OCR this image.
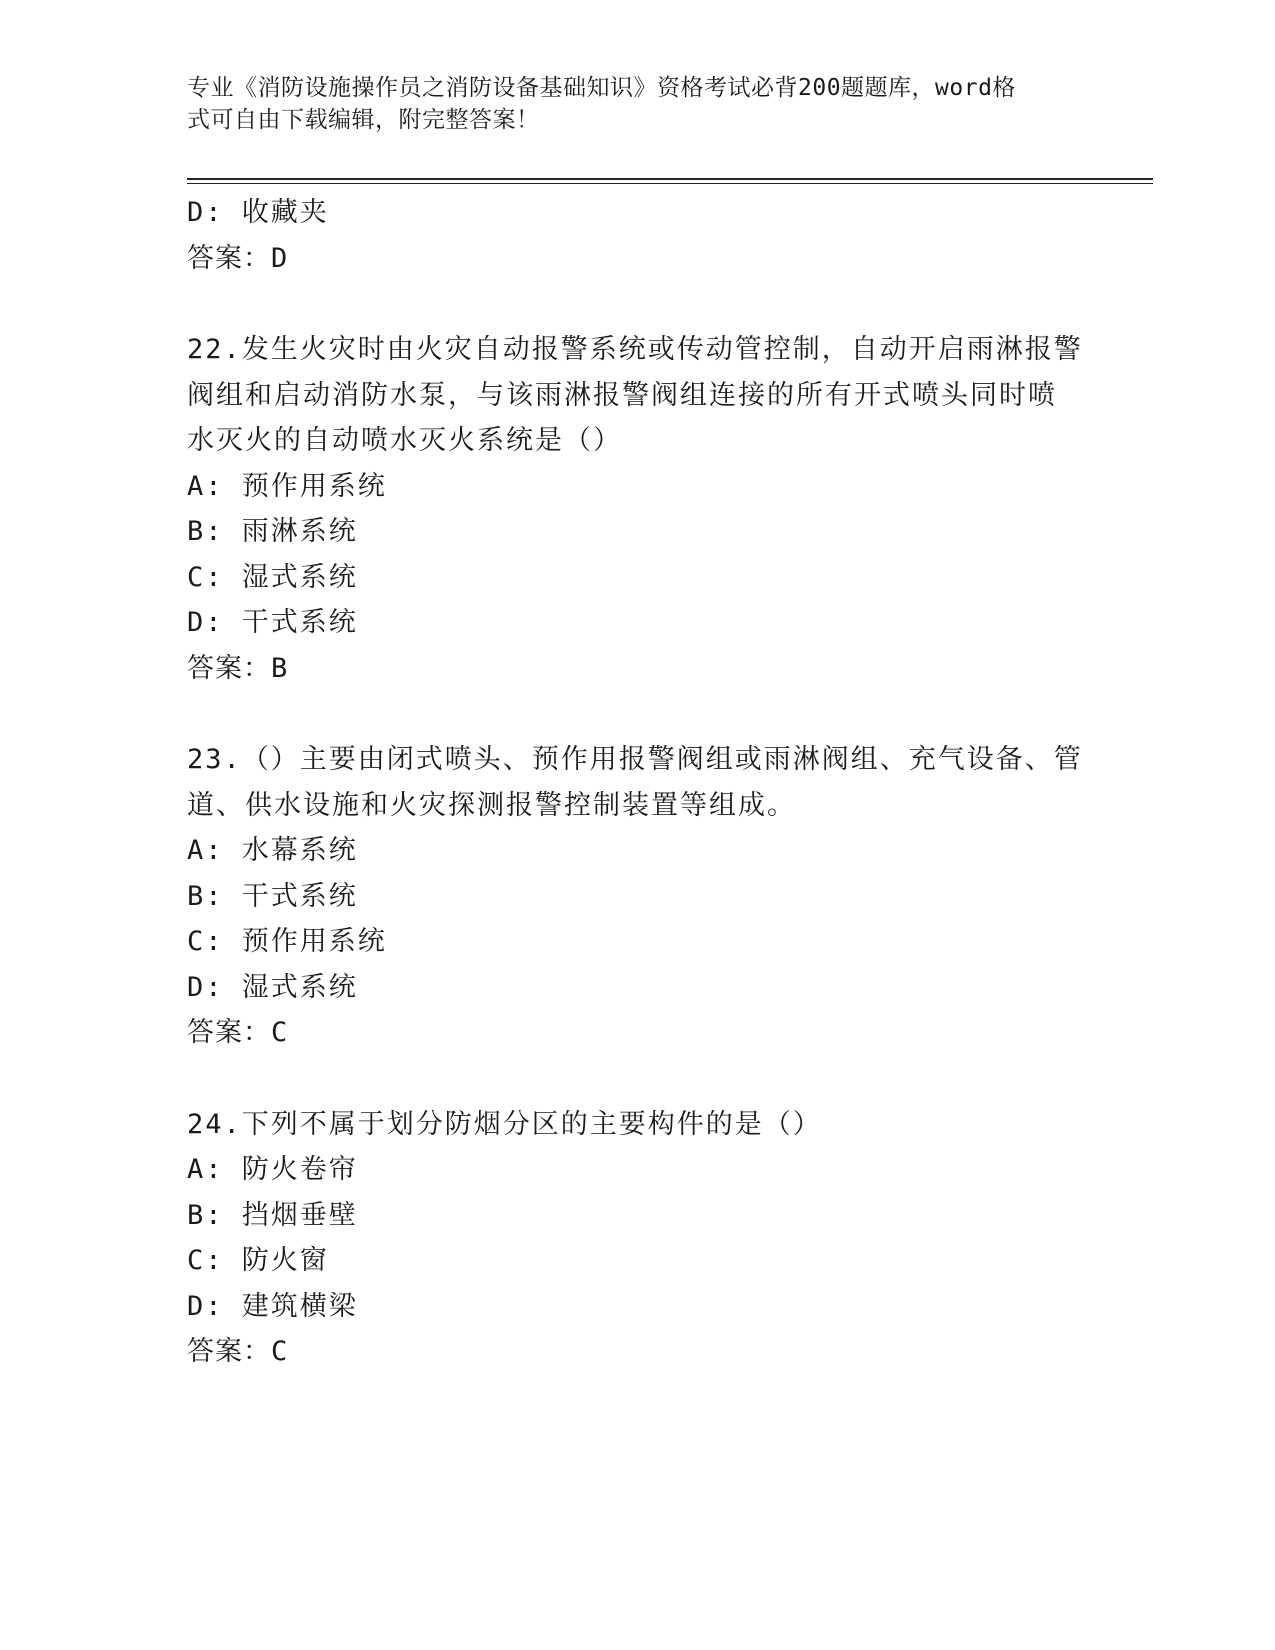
专业《消防设施操作员之消防设备基础知识》资格考试必背200题题库，word格
式可自由下载编辑，附完整答案！
D: 收藏夹
答案：D
22.发生火灾时由火灾自动报警系统或传动管控制，自动开启雨淋报警
阀组和启动消防水泵，与该雨淋报警阀组连接的所有开式喷头同时喷
水灭火的自动喷水灭火系统是（）
A: 预作用系统
B: 雨淋系统
C: 湿式系统
D: 干式系统
答案：B
23.（）主要由闭式喷头、预作用报警阀组或雨淋阀组、充气设备、管
道、供水设施和火灾探测报警控制装置等组成。
A: 水幕系统
B: 干式系统
C: 预作用系统
D: 湿式系统
答案：C
24.下列不属于划分防烟分区的主要构件的是（）
A: 防火卷帘
B: 挡烟垂壁
C: 防火窗
D: 建筑横梁
答案：C
